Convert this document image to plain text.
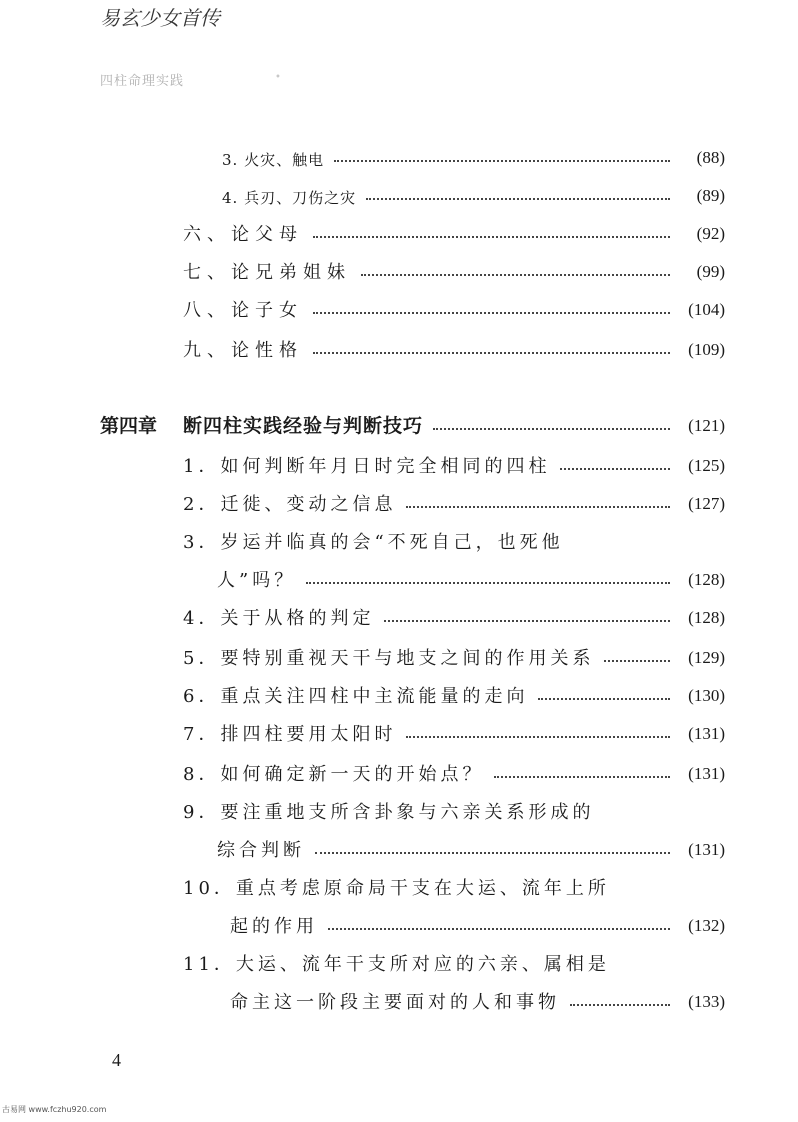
易玄少女首传
四柱命理实践	•
3. 火灾、触电	(88)
4. 兵刃、刀伤之灾	(89)
六、论父母	(92)
七、论兄弟姐妹	(99)
八、论子女	(104)
九、论性格	(109)
第四章 断四柱实践经验与判断技巧	(121)
1．如何判断年月日时完全相同的四柱	(125)
2．迁徙、变动之信息	(127)
3．岁运并临真的会“不死自己，也死他
人”吗？	(128)
4．关于从格的判定	(128)
5．要特别重视天干与地支之间的作用关系	(129)
6．重点关注四柱中主流能量的走向	(130)
7．排四柱要用太阳时	(131)
8．如何确定新一天的开始点？	(131)
9．要注重地支所含卦象与六亲关系形成的
综合判断	(131)
10．重点考虑原命局干支在大运、流年上所
起的作用	(132)
11．大运、流年干支所对应的六亲、属相是
命主这一阶段主要面对的人和事物	(133)
4
古易网 www.fczhu920.com
